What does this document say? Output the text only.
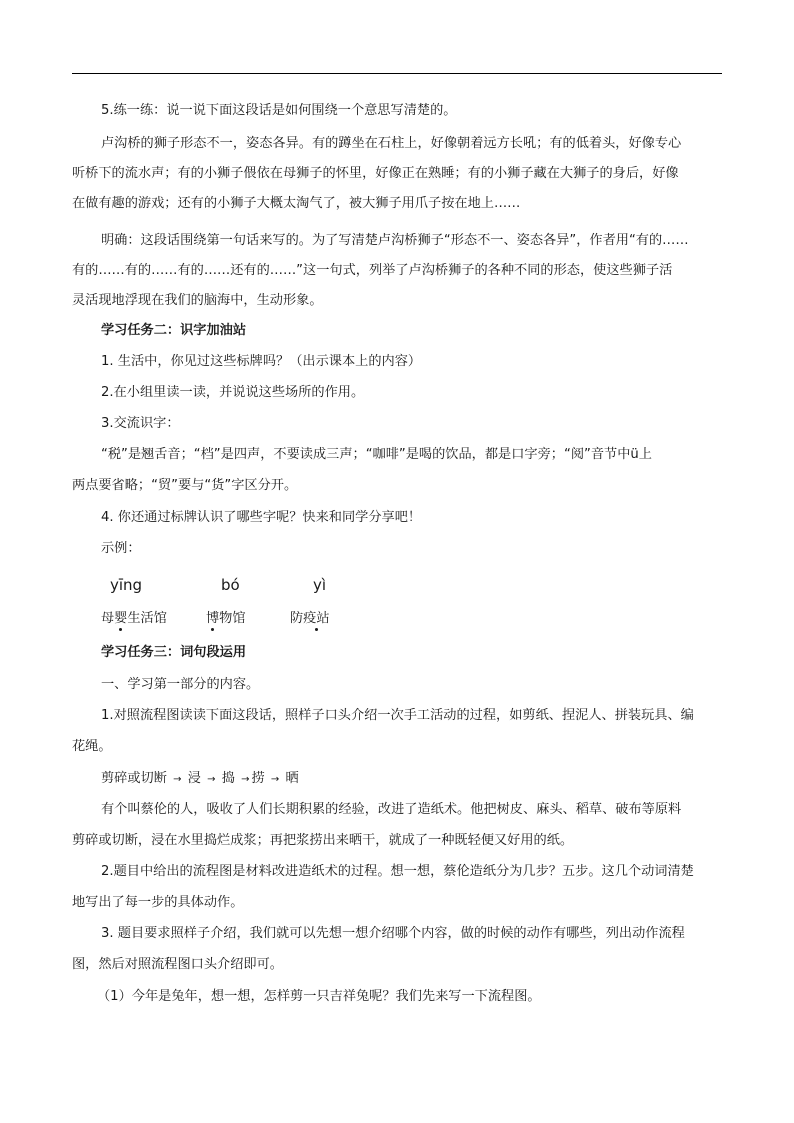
5.练一练：说一说下面这段话是如何围绕一个意思写清楚的。
卢沟桥的狮子形态不一，姿态各异。有的蹲坐在石柱上，好像朝着远方长吼；有的低着头，好像专心
听桥下的流水声；有的小狮子偎依在母狮子的怀里，好像正在熟睡；有的小狮子藏在大狮子的身后，好像
在做有趣的游戏；还有的小狮子大概太淘气了，被大狮子用爪子按在地上……
明确：这段话围绕第一句话来写的。为了写清楚卢沟桥狮子“形态不一、姿态各异”，作者用“有的……
有的……有的……有的……还有的……”这一句式，列举了卢沟桥狮子的各种不同的形态，使这些狮子活
灵活现地浮现在我们的脑海中，生动形象。
学习任务二：识字加油站
1. 生活中，你见过这些标牌吗？（出示课本上的内容）
2.在小组里读一读，并说说这些场所的作用。
3.交流识字：
“税”是翘舌音；“档”是四声，不要读成三声；“咖啡”是喝的饮品，都是口字旁；“阅”音节中ü上
两点要省略；“贸”要与“货”字区分开。
4. 你还通过标牌认识了哪些字呢？快来和同学分享吧！
示例：
yīng	bó	yì
母婴生活馆	博物馆	防疫站
学习任务三：词句段运用
一、学习第一部分的内容。
1.对照流程图读读下面这段话，照样子口头介绍一次手工活动的过程，如剪纸、捏泥人、拼装玩具、编
花绳。
剪碎或切断 → 浸 → 捣 → 捞 → 晒
有个叫蔡伦的人，吸收了人们长期积累的经验，改进了造纸术。他把树皮、麻头、稻草、破布等原料
剪碎或切断，浸在水里捣烂成浆；再把浆捞出来晒干，就成了一种既轻便又好用的纸。
2.题目中给出的流程图是材料改进造纸术的过程。想一想，蔡伦造纸分为几步？五步。这几个动词清楚
地写出了每一步的具体动作。
3. 题目要求照样子介绍，我们就可以先想一想介绍哪个内容，做的时候的动作有哪些，列出动作流程
图，然后对照流程图口头介绍即可。
（1）今年是兔年，想一想，怎样剪一只吉祥兔呢？我们先来写一下流程图。
